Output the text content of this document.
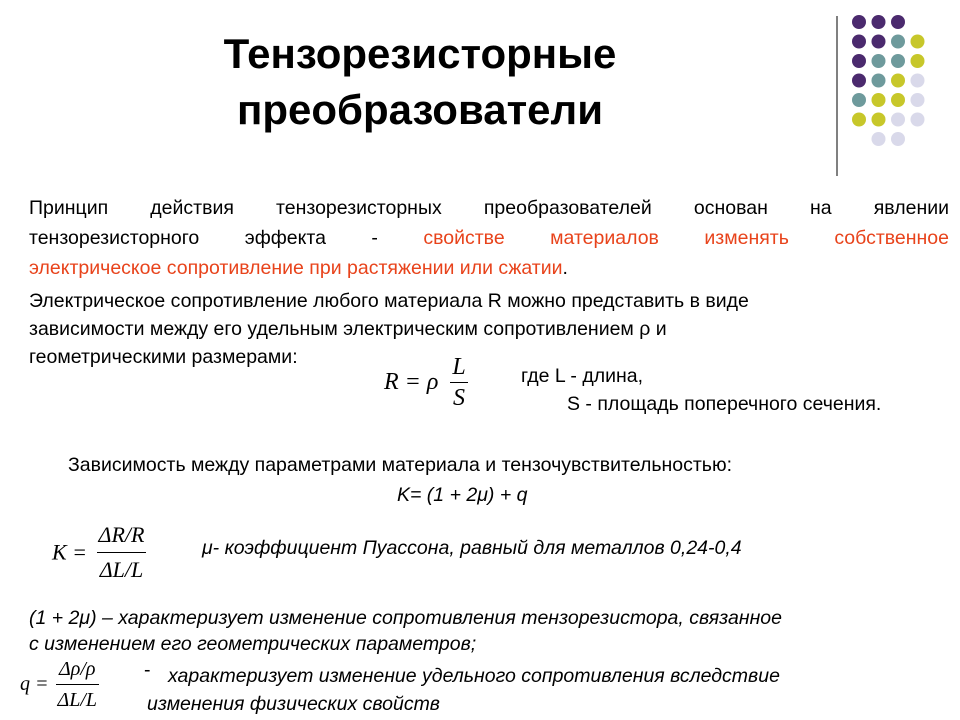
Тензорезисторные
преобразователи
Принцип действия тензорезисторных преобразователей основан на явлении
тензорезисторного эффекта - свойстве материалов изменять собственное
электрическое сопротивление при растяжении или сжатии.
Электрическое сопротивление любого материала R можно представить в виде
зависимости между его удельным электрическим сопротивлением ρ и
геометрическими размерами:
R = ρ $\frac{L}{S}$	где L - длина,
S - площадь поперечного сечения.
Зависимость между параметрами материала и тензочувствительностью:
K= (1 + 2μ) + q
$K = \frac{\Delta R/R}{\Delta L/L}$	μ- коэффициент Пуассона, равный для металлов 0,24-0,4
(1 + 2μ) – характеризует изменение сопротивления тензорезистора, связанное
с изменением его геометрических параметров;
$q = \frac{\Delta\rho/\rho}{\Delta L/L}$ - характеризует изменение удельного сопротивления вследствие
изменения физических свойств
